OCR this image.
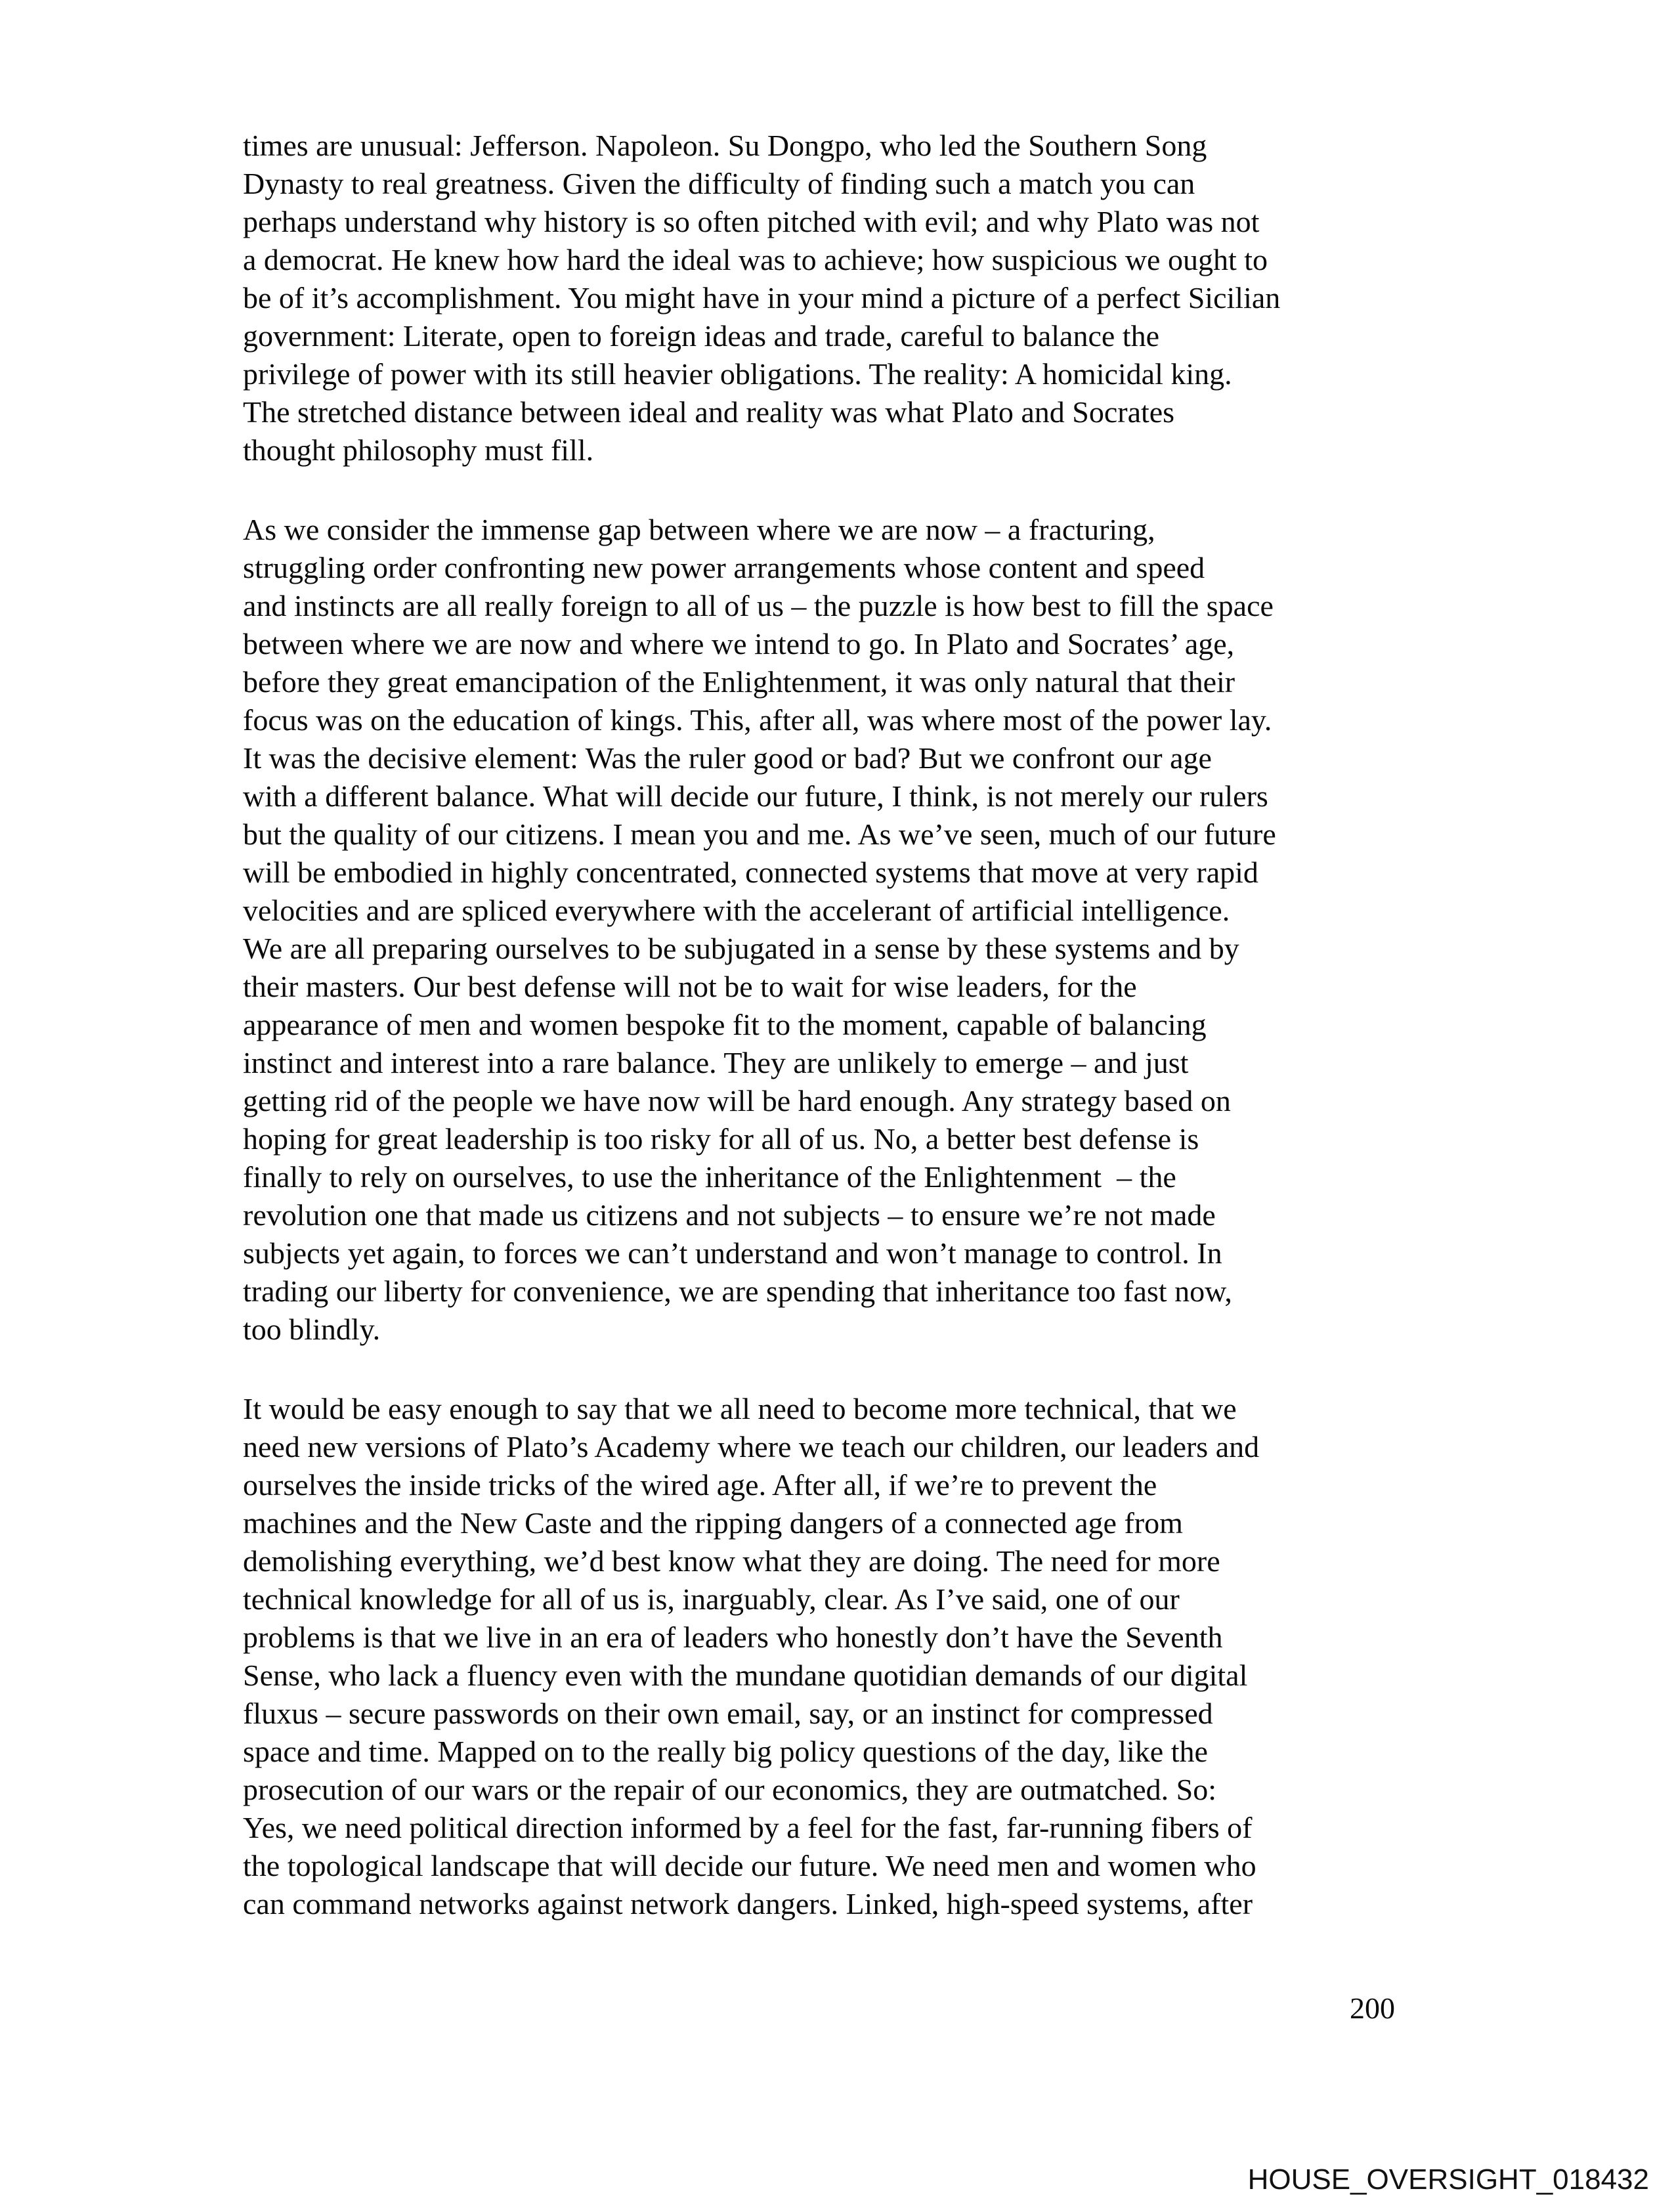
times are unusual: Jefferson. Napoleon. Su Dongpo, who led the Southern Song
Dynasty to real greatness. Given the difficulty of finding such a match you can
perhaps understand why history is so often pitched with evil; and why Plato was not
a democrat. He knew how hard the ideal was to achieve; how suspicious we ought to
be of it’s accomplishment. You might have in your mind a picture of a perfect Sicilian
government: Literate, open to foreign ideas and trade, careful to balance the
privilege of power with its still heavier obligations. The reality: A homicidal king.
The stretched distance between ideal and reality was what Plato and Socrates
thought philosophy must fill.

As we consider the immense gap between where we are now – a fracturing,
struggling order confronting new power arrangements whose content and speed
and instincts are all really foreign to all of us – the puzzle is how best to fill the space
between where we are now and where we intend to go. In Plato and Socrates’ age,
before they great emancipation of the Enlightenment, it was only natural that their
focus was on the education of kings. This, after all, was where most of the power lay.
It was the decisive element: Was the ruler good or bad? But we confront our age
with a different balance. What will decide our future, I think, is not merely our rulers
but the quality of our citizens. I mean you and me. As we’ve seen, much of our future
will be embodied in highly concentrated, connected systems that move at very rapid
velocities and are spliced everywhere with the accelerant of artificial intelligence.
We are all preparing ourselves to be subjugated in a sense by these systems and by
their masters. Our best defense will not be to wait for wise leaders, for the
appearance of men and women bespoke fit to the moment, capable of balancing
instinct and interest into a rare balance. They are unlikely to emerge – and just
getting rid of the people we have now will be hard enough. Any strategy based on
hoping for great leadership is too risky for all of us. No, a better best defense is
finally to rely on ourselves, to use the inheritance of the Enlightenment  – the
revolution one that made us citizens and not subjects – to ensure we’re not made
subjects yet again, to forces we can’t understand and won’t manage to control. In
trading our liberty for convenience, we are spending that inheritance too fast now,
too blindly.

It would be easy enough to say that we all need to become more technical, that we
need new versions of Plato’s Academy where we teach our children, our leaders and
ourselves the inside tricks of the wired age. After all, if we’re to prevent the
machines and the New Caste and the ripping dangers of a connected age from
demolishing everything, we’d best know what they are doing. The need for more
technical knowledge for all of us is, inarguably, clear. As I’ve said, one of our
problems is that we live in an era of leaders who honestly don’t have the Seventh
Sense, who lack a fluency even with the mundane quotidian demands of our digital
fluxus – secure passwords on their own email, say, or an instinct for compressed
space and time. Mapped on to the really big policy questions of the day, like the
prosecution of our wars or the repair of our economics, they are outmatched. So:
Yes, we need political direction informed by a feel for the fast, far-running fibers of
the topological landscape that will decide our future. We need men and women who
can command networks against network dangers. Linked, high-speed systems, after

200
HOUSE_OVERSIGHT_018432
